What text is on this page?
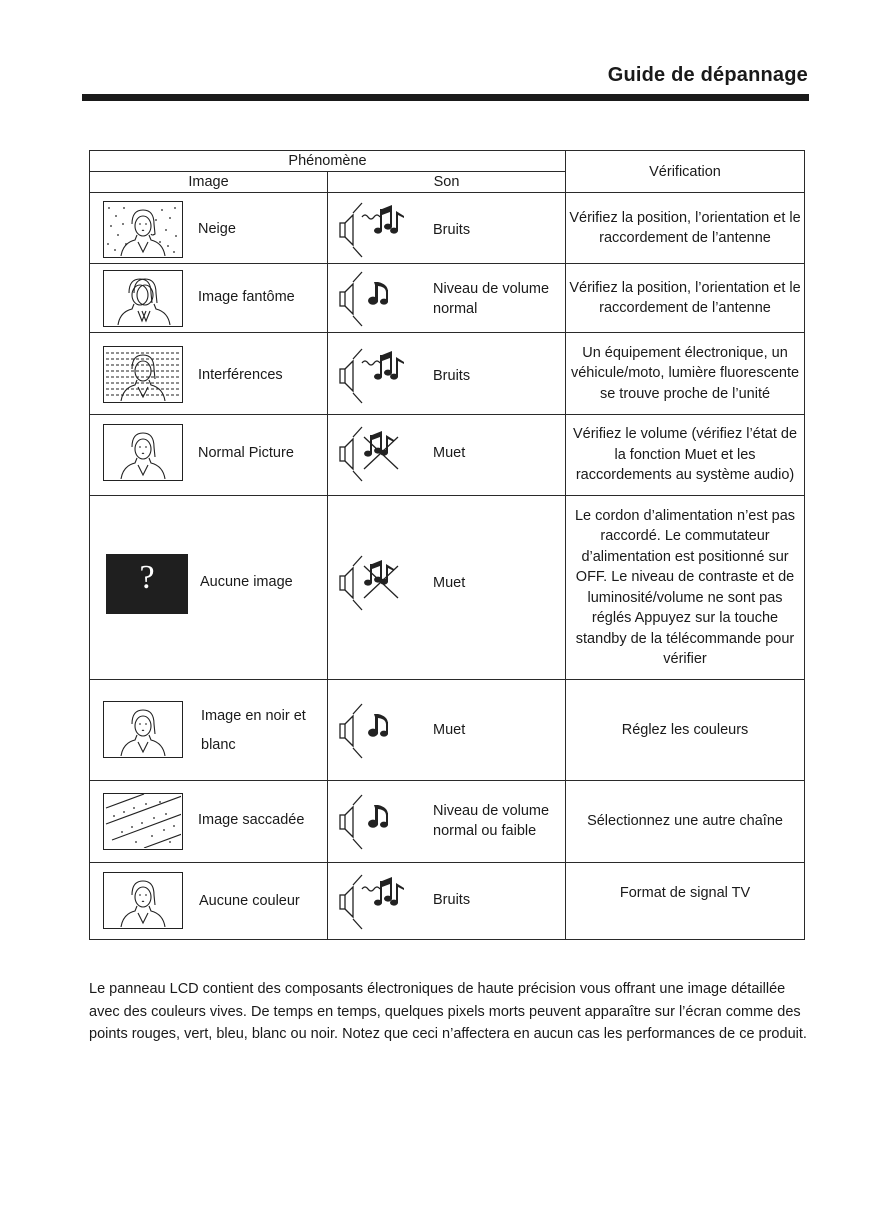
Guide de dépannage
Phénomène		Vérification
Image	Son	

Neige	Bruits	Vérifiez la position, l’orientation et le raccordement de l’antenne

Image fantôme	Niveau de volume normal	Vérifiez la position, l’orientation et le raccordement de l’antenne

Interférences	Bruits	Un équipement électronique, un véhicule/moto, lumière fluorescente se trouve proche de l’unité

Normal Picture	Muet	Vérifiez le volume (vérifiez l’état de la fonction Muet et les raccordements au système audio)

? Aucune image	Muet	Le cordon d’alimentation n’est pas raccordé. Le commutateur d’alimentation est positionné sur OFF. Le niveau de contraste et de luminosité/volume ne sont pas réglés Appuyez sur la touche standby de la télécommande pour vérifier

Image en noir et blanc	Muet	Réglez les couleurs

Image saccadée	Niveau de volume normal ou faible	Sélectionnez une autre chaîne

Aucune couleur	Bruits	Format de signal TV

Le panneau LCD contient des composants électroniques de haute précision vous offrant une image détaillée avec des couleurs vives. De temps en temps, quelques pixels morts peuvent apparaître sur l’écran comme des points rouges, vert, bleu, blanc ou noir. Notez que ceci n’affectera en aucun cas les performances de ce produit.
